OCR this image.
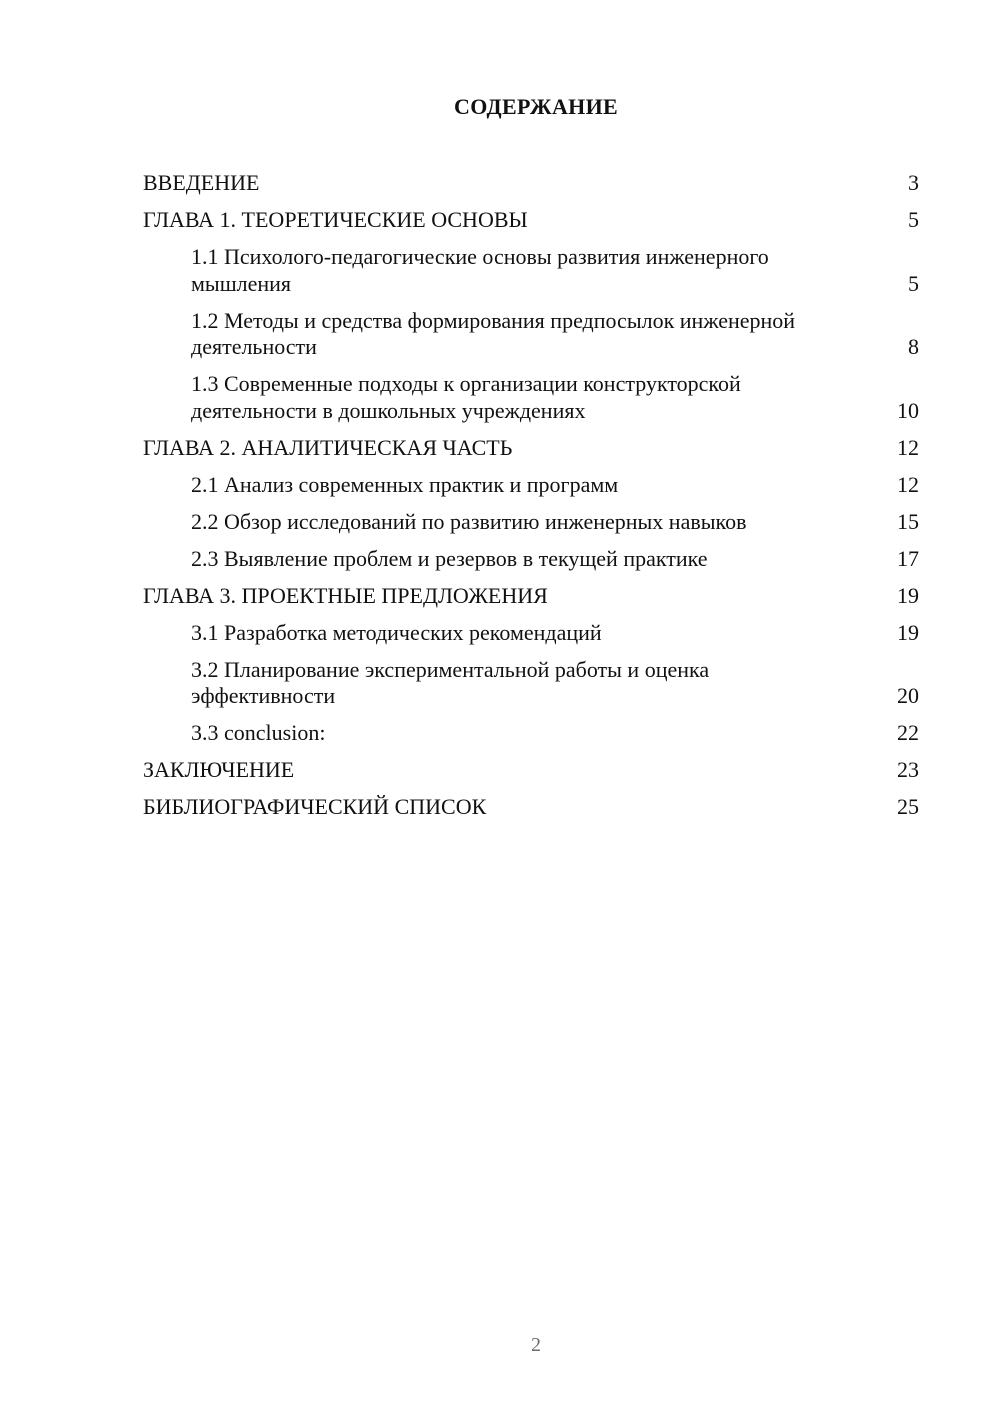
СОДЕРЖАНИЕ
ВВЕДЕНИЕ	3
ГЛАВА 1. ТЕОРЕТИЧЕСКИЕ ОСНОВЫ	5
1.1 Психолого-педагогические основы развития инженерного мышления	5
1.2 Методы и средства формирования предпосылок инженерной деятельности	8
1.3 Современные подходы к организации конструкторской деятельности в дошкольных учреждениях	10
ГЛАВА 2. АНАЛИТИЧЕСКАЯ ЧАСТЬ	12
2.1 Анализ современных практик и программ	12
2.2 Обзор исследований по развитию инженерных навыков	15
2.3 Выявление проблем и резервов в текущей практике	17
ГЛАВА 3. ПРОЕКТНЫЕ ПРЕДЛОЖЕНИЯ	19
3.1 Разработка методических рекомендаций	19
3.2 Планирование экспериментальной работы и оценка эффективности	20
3.3 conclusion:	22
ЗАКЛЮЧЕНИЕ	23
БИБЛИОГРАФИЧЕСКИЙ СПИСОК	25
2
